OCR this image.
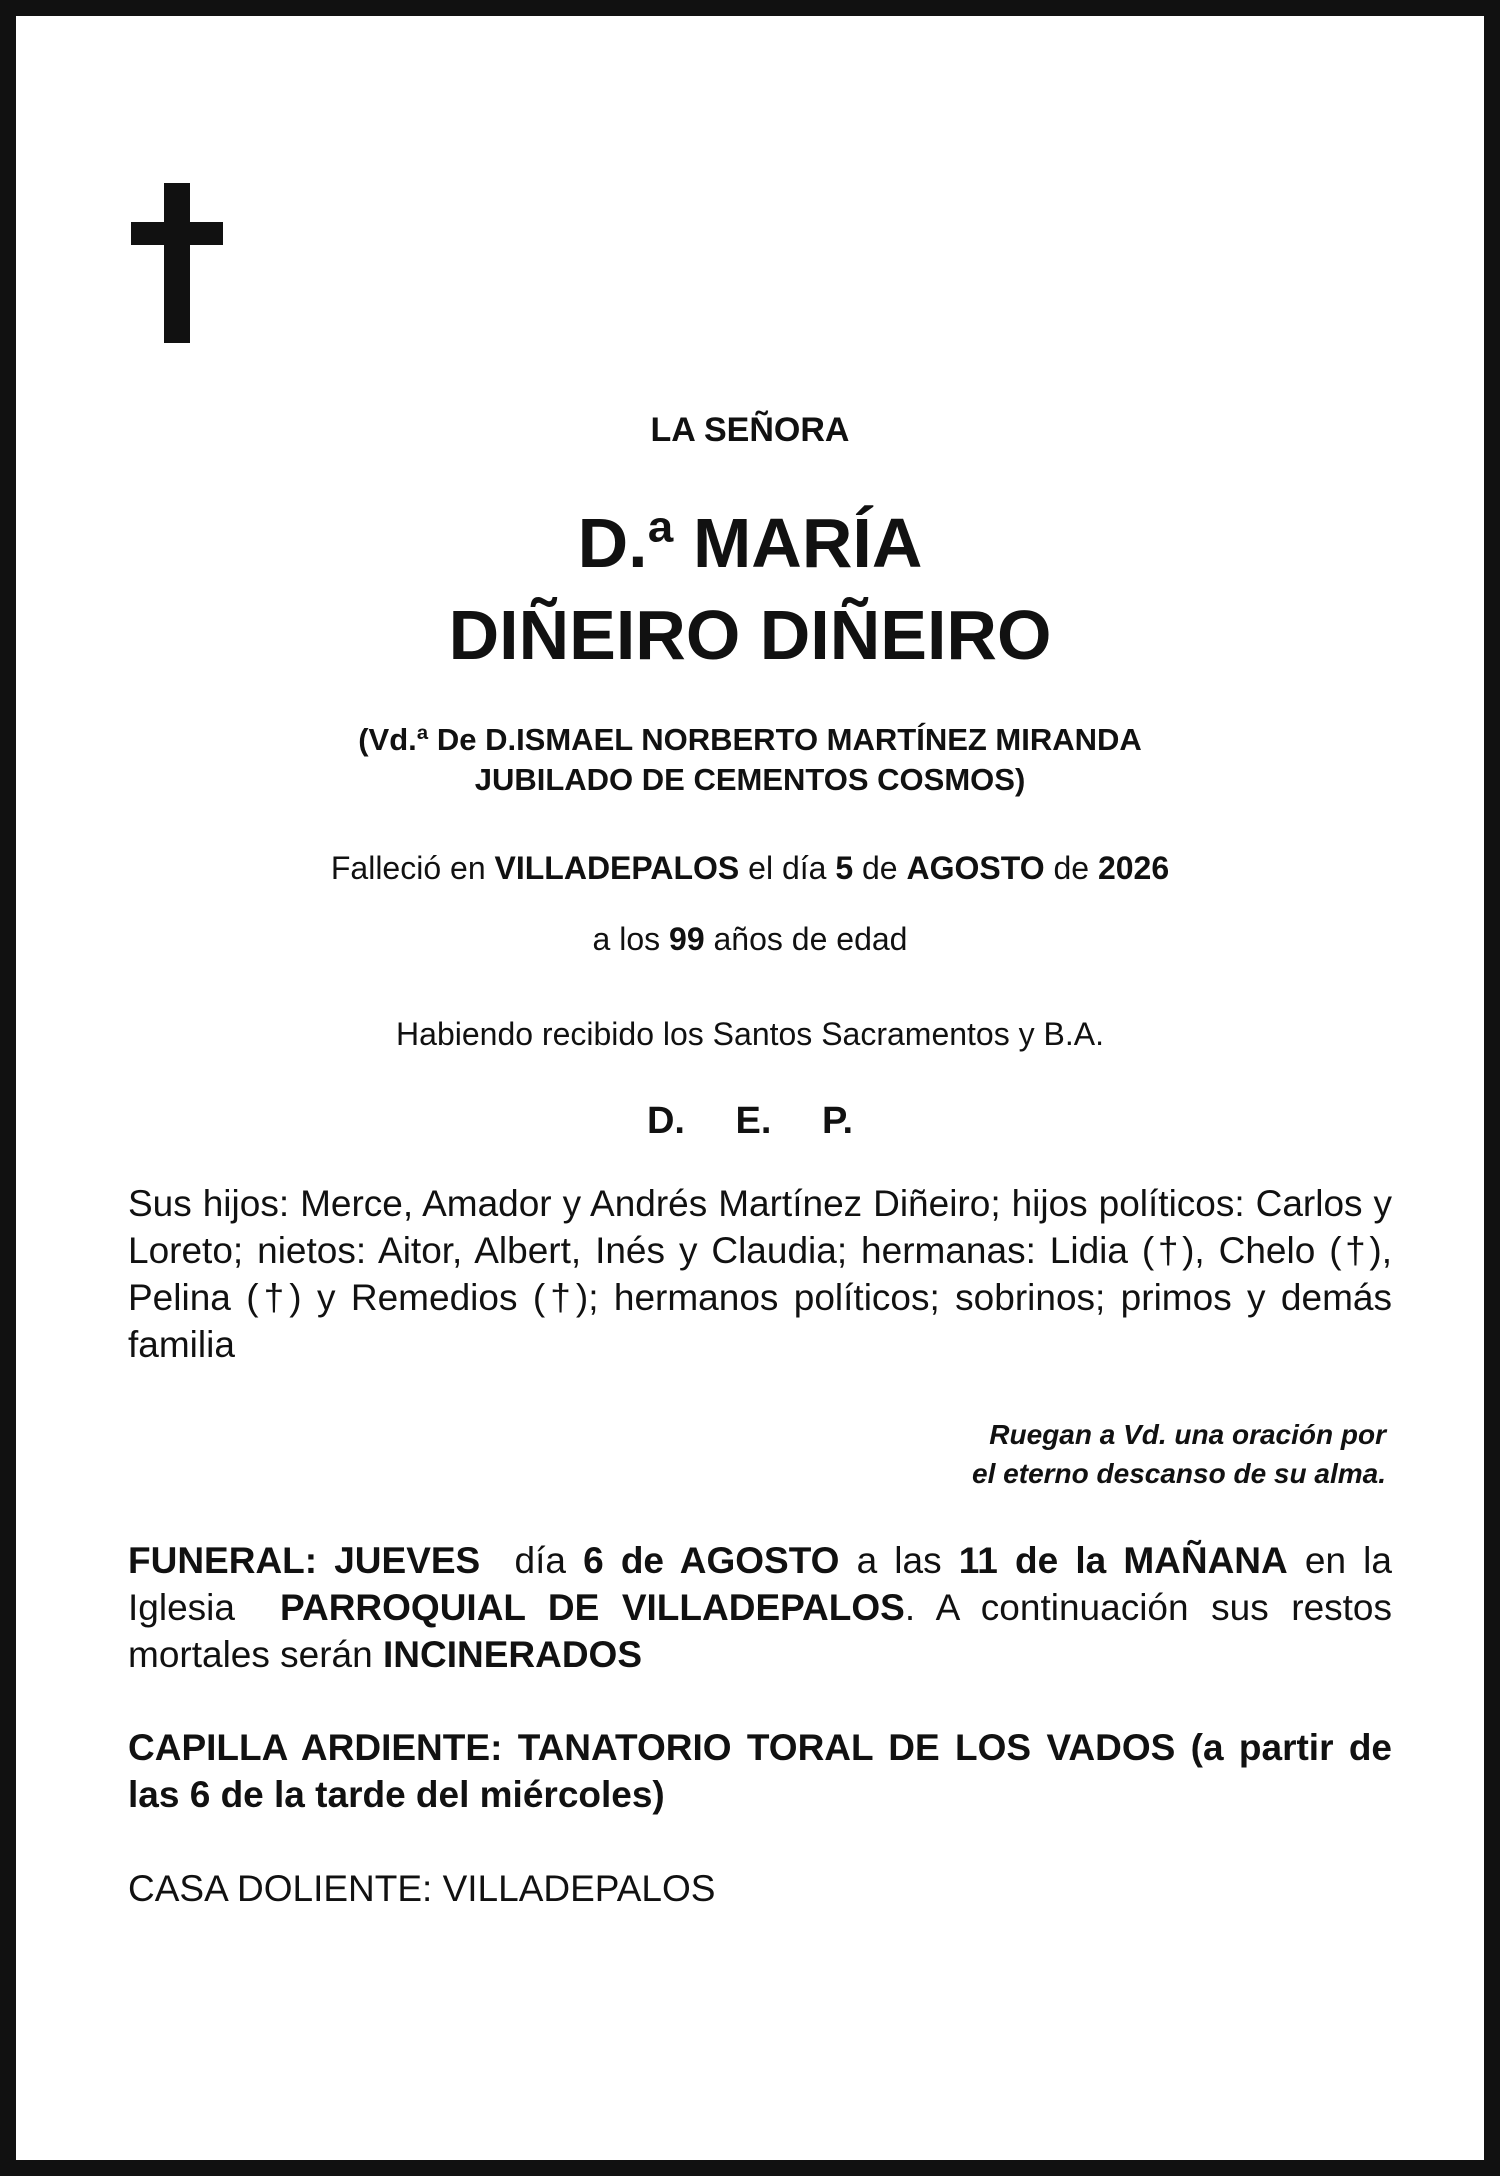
LA SEÑORA
D.ª MARÍA
DIÑEIRO DIÑEIRO
(Vd.ª De D.ISMAEL NORBERTO MARTÍNEZ MIRANDA
JUBILADO DE CEMENTOS COSMOS)
Falleció en VILLADEPALOS el día 5 de AGOSTO de 2026
a los 99 años de edad
Habiendo recibido los Santos Sacramentos y B.A.
D. E. P.
Sus hijos: Merce, Amador y Andrés Martínez Diñeiro; hijos políticos: Carlos y Loreto; nietos: Aitor, Albert, Inés y Claudia; hermanas: Lidia (†), Chelo (†), Pelina (†) y Remedios (†); hermanos políticos; sobrinos; primos y demás familia
Ruegan a Vd. una oración por
el eterno descanso de su alma.
FUNERAL: JUEVES  día 6 de AGOSTO a las 11 de la MAÑANA en la Iglesia  PARROQUIAL DE VILLADEPALOS. A continuación sus restos mortales serán INCINERADOS
CAPILLA ARDIENTE: TANATORIO TORAL DE LOS VADOS (a partir de las 6 de la tarde del miércoles)
CASA DOLIENTE: VILLADEPALOS
